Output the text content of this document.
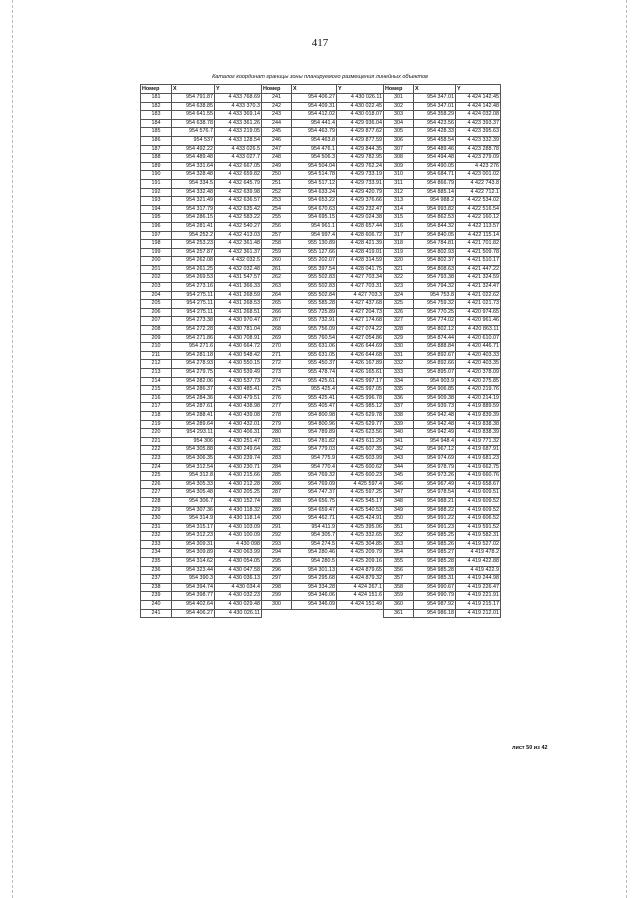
417
Каталог координат границы зоны планируемого размещения линейных объектов
Номер	X	Y	Номер	X	Y	Номер	X	Y
181	954 791.87	4 433 768.69	241	954 406.27	4 430 026.11	301	954 347.01	4 424 142.45
182	954 638.85	4 433 370.3	242	954 409.31	4 430 022.45	302	954 347.01	4 424 142.48
183	954 641.55	4 433 369.14	243	954 412.02	4 430 018.07	303	954 358.29	4 424 032.08
184	954 638.78	4 433 361.26	244	954 441.4	4 429 936.04	304	954 423.56	4 423 393.37
185	954 576.7	4 433 219.05	245	954 463.79	4 429 877.62	305	954 428.33	4 423 395.63
186	954 537	4 433 128.54	246	954 463.8	4 429 877.59	306	954 458.54	4 423 332.39
187	954 492.22	4 433 026.5	247	954 476.1	4 429 844.35	307	954 489.46	4 423 288.78
188	954 489.48	4 433 027.7	248	954 506.3	4 429 782.95	308	954 494.48	4 423 279.09
189	954 331.64	4 432 667.05	249	954 504.04	4 429 762.24	309	954 490.05	4 423 276
190	954 328.48	4 432 659.82	250	954 514.78	4 429 733.19	310	954 684.71	4 423 001.02
191	954 334.5	4 432 645.79	251	954 517.12	4 429 733.91	311	954 866.79	4 422 743.8
192	954 332.48	4 432 639.98	252	954 633.24	4 429 420.79	312	954 885.14	4 422 712.1
193	954 321.49	4 432 636.57	253	954 653.22	4 429 376.66	313	954 988.2	4 422 534.02
194	954 317.79	4 432 635.42	254	954 670.63	4 429 232.47	314	954 993.82	4 422 516.54
195	954 286.15	4 432 583.22	255	954 695.15	4 429 024.38	315	954 862.53	4 422 160.12
196	954 281.41	4 432 540.27	256	954 961.1	4 428 657.44	316	954 844.32	4 422 113.57
197	954 252.2	4 432 413.03	257	954 997.4	4 428 606.72	317	954 840.05	4 422 115.14
198	954 253.23	4 432 361.48	258	955 130.89	4 428 421.39	318	954 784.81	4 421 701.82
199	954 257.87	4 432 361.37	259	955 127.66	4 428 419.01	319	954 802.93	4 421 509.78
200	954 262.08	4 432 032.5	260	955 202.07	4 428 314.59	320	954 802.37	4 421 510.17
201	954 261.25	4 432 032.48	261	955 397.54	4 428 041.75	321	954 808.63	4 421 447.22
202	954 269.53	4 431 547.57	262	955 502.83	4 427 703.34	322	954 793.38	4 421 324.59
203	954 273.16	4 431 366.33	263	955 502.83	4 427 703.31	323	954 794.32	4 421 324.47
204	954 275.11	4 431 268.59	264	955 502.84	4 427 703.3	324	954 753.8	4 421 022.62
205	954 275.11	4 431 268.53	265	955 585.28	4 427 437.68	325	954 759.32	4 421 021.73
206	954 275.11	4 431 268.51	266	955 725.89	4 427 204.73	326	954 770.25	4 420 974.65
207	954 273.38	4 430 970.47	267	955 732.91	4 427 174.68	327	954 774.02	4 420 961.46
208	954 272.28	4 430 781.04	268	955 756.09	4 427 074.22	328	954 802.12	4 420 863.11
209	954 271.86	4 430 708.91	269	955 760.54	4 427 054.86	329	954 874.44	4 420 610.07
210	954 271.6	4 430 664.72	270	955 631.06	4 426 644.69	330	954 888.84	4 420 446.71
211	954 281.18	4 430 548.42	271	955 631.05	4 426 644.68	331	954 892.67	4 420 403.33
212	954 278.93	4 430 550.15	272	955 450.37	4 426 167.89	332	954 892.66	4 420 403.35
213	954 279.75	4 430 539.49	273	955 478.74	4 426 165.61	333	954 895.07	4 420 378.09
214	954 282.06	4 430 537.73	274	955 425.61	4 425 997.17	334	954 903.9	4 420 275.85
215	954 286.37	4 430 485.41	275	955 425.4	4 425 997.05	335	954 906.85	4 420 219.76
216	954 284.36	4 430 479.51	276	955 425.41	4 425 996.78	336	954 909.38	4 420 214.19
217	954 287.61	4 430 438.98	277	955 405.47	4 425 985.12	337	954 939.73	4 419 889.59
218	954 288.41	4 430 439.08	278	954 800.98	4 425 629.78	338	954 942.48	4 419 839.39
219	954 289.64	4 430 432.01	279	954 800.96	4 425 629.77	339	954 942.48	4 419 838.38
220	954 293.11	4 430 406.31	280	954 789.89	4 425 623.56	340	954 942.49	4 419 838.39
221	954 306	4 430 251.47	281	954 781.82	4 425 611.29	341	954 948.4	4 419 771.32
222	954 305.88	4 430 249.64	282	954 779.03	4 425 607.35	342	954 967.12	4 419 687.91
223	954 306.35	4 430 239.74	283	954 775.9	4 425 603.99	343	954 974.69	4 419 681.23
224	954 312.54	4 430 230.71	284	954 770.4	4 425 600.62	344	954 978.79	4 419 662.75
225	954 312.8	4 430 215.66	285	954 769.32	4 425 600.23	345	954 973.26	4 419 660.76
226	954 305.33	4 430 212.28	286	954 769.09	4 425 597.4	346	954 967.49	4 419 658.67
227	954 305.48	4 430 205.25	287	954 747.37	4 425 597.25	347	954 978.54	4 419 609.51
228	954 306.7	4 430 152.74	288	954 656.75	4 425 545.17	348	954 988.21	4 419 609.52
229	954 307.36	4 430 118.32	289	954 659.47	4 425 540.53	349	954 988.22	4 419 609.52
230	954 314.9	4 430 118.14	290	954 462.71	4 425 424.91	350	954 991.22	4 419 606.52
231	954 315.17	4 430 103.09	291	954 411.9	4 425 395.06	351	954 991.23	4 419 591.52
232	954 312.23	4 430 100.09	292	954 305.7	4 425 332.65	352	954 985.25	4 419 582.31
233	954 309.31	4 430 098	293	954 274.5	4 425 304.85	353	954 985.26	4 419 527.02
234	954 309.89	4 430 063.99	294	954 280.46	4 425 209.79	354	954 985.27	4 419 478.2
235	954 314.62	4 430 054.05	295	954 280.5	4 425 209.16	355	954 985.28	4 419 422.88
236	954 323.44	4 430 047.58	296	954 301.13	4 424 879.65	356	954 985.28	4 419 422.9
237	954 390.3	4 430 036.13	297	954 295.68	4 424 879.32	357	954 985.31	4 419 244.98
238	954 394.74	4 430 034.4	298	954 334.28	4 424 267.1	358	954 990.67	4 419 226.47
239	954 398.77	4 430 032.23	299	954 346.06	4 424 151.6	359	954 990.79	4 419 221.91
240	954 402.64	4 430 029.48	300	954 346.09	4 424 151.49	360	954 987.92	4 419 215.17
241	954 406.27	4 430 026.11				361	954 986.18	4 419 212.01
лист 50 из 42
